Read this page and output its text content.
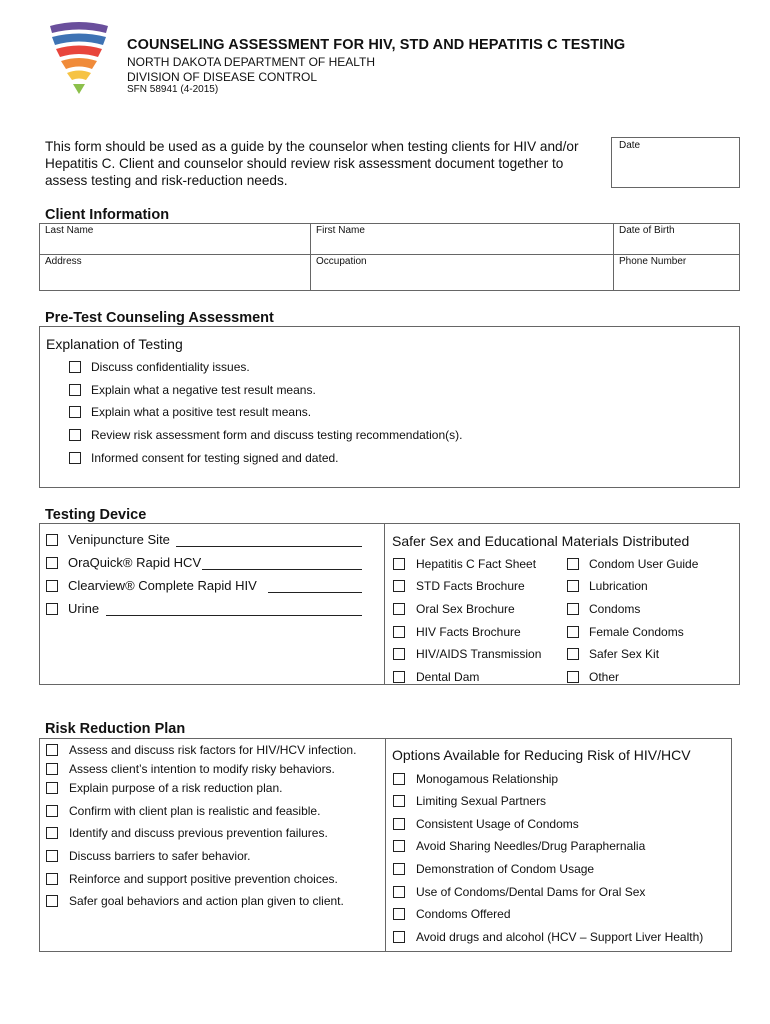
COUNSELING ASSESSMENT FOR HIV, STD AND HEPATITIS C TESTING
NORTH DAKOTA DEPARTMENT OF HEALTH
DIVISION OF DISEASE CONTROL
SFN 58941 (4-2015)
This form should be used as a guide by the counselor when testing clients for HIV and/or Hepatitis C. Client and counselor should review risk assessment document together to assess testing and risk-reduction needs.
Date
Client Information
Last Name	First Name	Date of Birth
Address	Occupation	Phone Number
Pre-Test Counseling Assessment
Explanation of Testing
Discuss confidentiality issues.
Explain what a negative test result means.
Explain what a positive test result means.
Review risk assessment form and discuss testing recommendation(s).
Informed consent for testing signed and dated.
Testing Device
Venipuncture Site
OraQuick® Rapid HCV
Clearview® Complete Rapid HIV
Urine
Safer Sex and Educational Materials Distributed
Hepatitis C Fact Sheet
STD Facts Brochure
Oral Sex Brochure
HIV Facts Brochure
HIV/AIDS Transmission
Dental Dam
Condom User Guide
Lubrication
Condoms
Female Condoms
Safer Sex Kit
Other
Risk Reduction Plan
Assess and discuss risk factors for HIV/HCV infection.
Assess client’s intention to modify risky behaviors.
Explain purpose of a risk reduction plan.
Confirm with client plan is realistic and feasible.
Identify and discuss previous prevention failures.
Discuss barriers to safer behavior.
Reinforce and support positive prevention choices.
Safer goal behaviors and action plan given to client.
Options Available for Reducing Risk of HIV/HCV
Monogamous Relationship
Limiting Sexual Partners
Consistent Usage of Condoms
Avoid Sharing Needles/Drug Paraphernalia
Demonstration of Condom Usage
Use of Condoms/Dental Dams for Oral Sex
Condoms Offered
Avoid drugs and alcohol (HCV – Support Liver Health)
